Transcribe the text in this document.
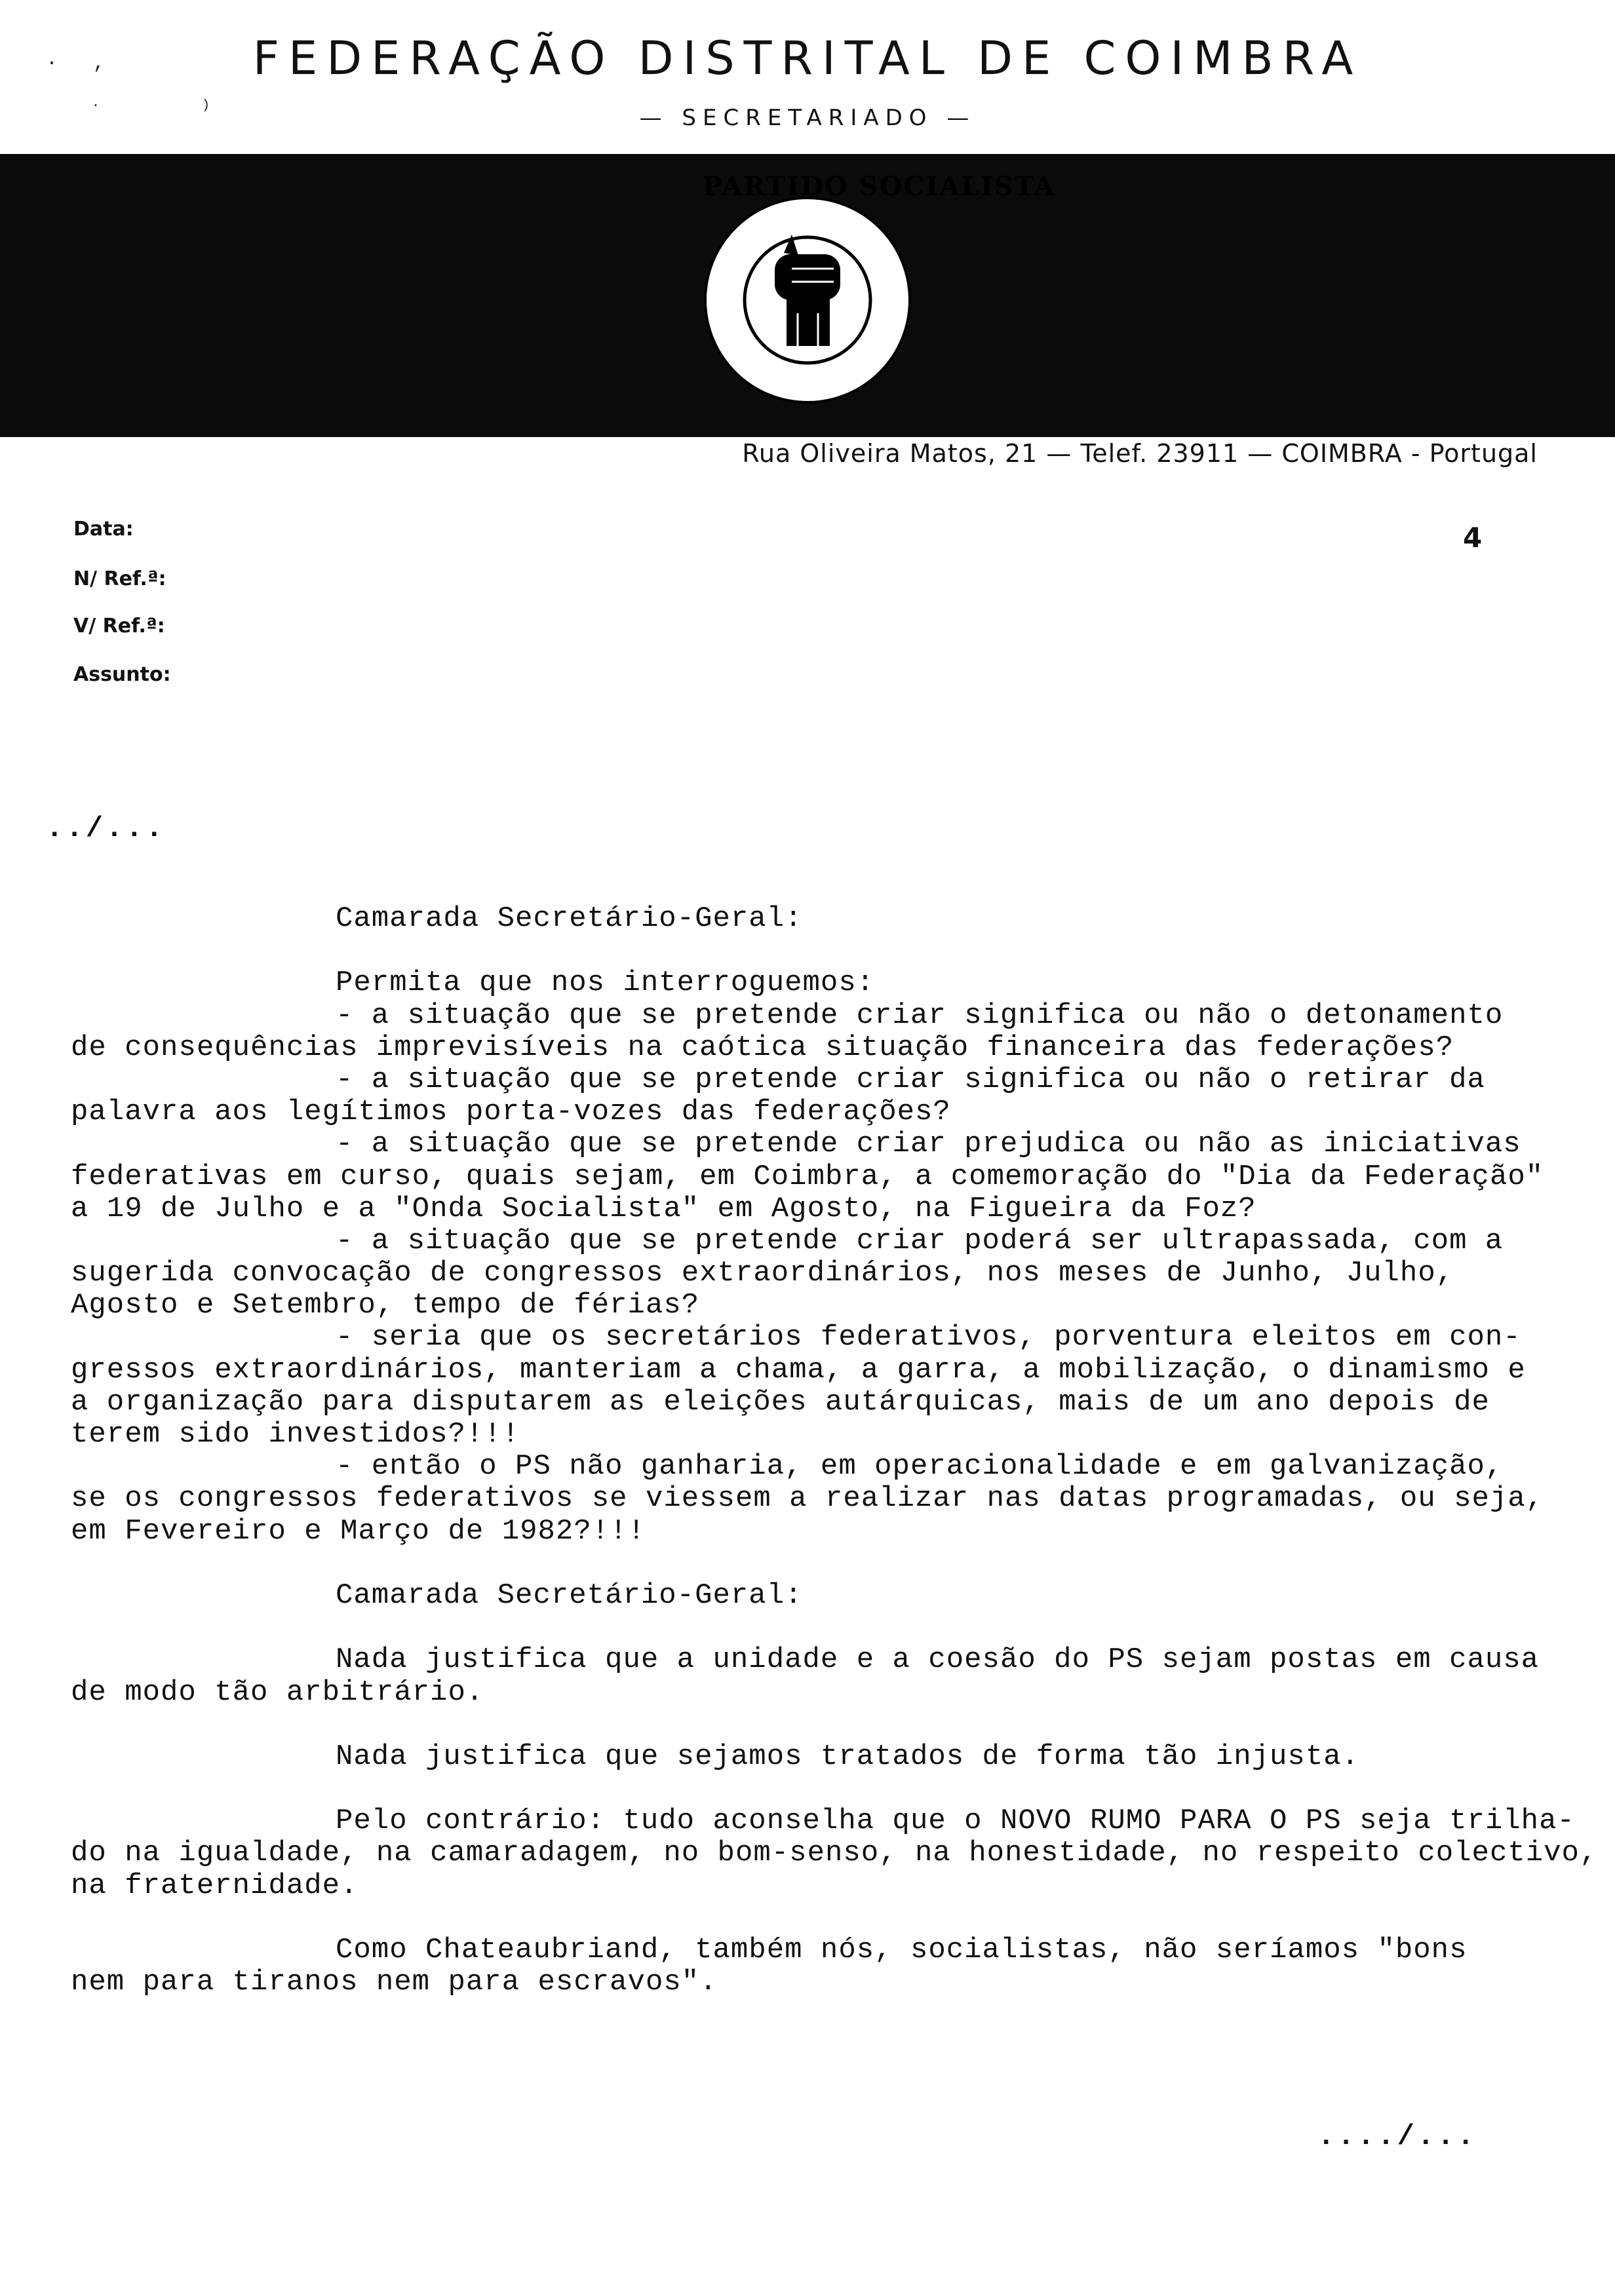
·   ,
·             )
FEDERAÇÃO DISTRITAL DE COIMBRA
— SECRETARIADO —
PARTIDO SOCIALISTA
Rua Oliveira Matos, 21 — Telef. 23911 — COIMBRA - Portugal
Data:
N/ Ref.ª:
V/ Ref.ª:
Assunto:
4
../...
Camarada Secretário-Geral:
Permita que nos interroguemos:
- a situação que se pretende criar significa ou não o detonamento
de consequências imprevisíveis na caótica situação financeira das federações?
- a situação que se pretende criar significa ou não o retirar da
palavra aos legítimos porta-vozes das federações?
- a situação que se pretende criar prejudica ou não as iniciativas
federativas em curso, quais sejam, em Coimbra, a comemoração do "Dia da Federação"
a 19 de Julho e a "Onda Socialista" em Agosto, na Figueira da Foz?
- a situação que se pretende criar poderá ser ultrapassada, com a
sugerida convocação de congressos extraordinários, nos meses de Junho, Julho,
Agosto e Setembro, tempo de férias?
- seria que os secretários federativos, porventura eleitos em con-
gressos extraordinários, manteriam a chama, a garra, a mobilização, o dinamismo e
a organização para disputarem as eleições autárquicas, mais de um ano depois de
terem sido investidos?!!!
- então o PS não ganharia, em operacionalidade e em galvanização,
se os congressos federativos se viessem a realizar nas datas programadas, ou seja,
em Fevereiro e Março de 1982?!!!
Camarada Secretário-Geral:
Nada justifica que a unidade e a coesão do PS sejam postas em causa
de modo tão arbitrário.
Nada justifica que sejamos tratados de forma tão injusta.
Pelo contrário: tudo aconselha que o NOVO RUMO PARA O PS seja trilha-
do na igualdade, na camaradagem, no bom-senso, na honestidade, no respeito colectivo,
na fraternidade.
Como Chateaubriand, também nós, socialistas, não seríamos "bons
nem para tiranos nem para escravos".
..../...
